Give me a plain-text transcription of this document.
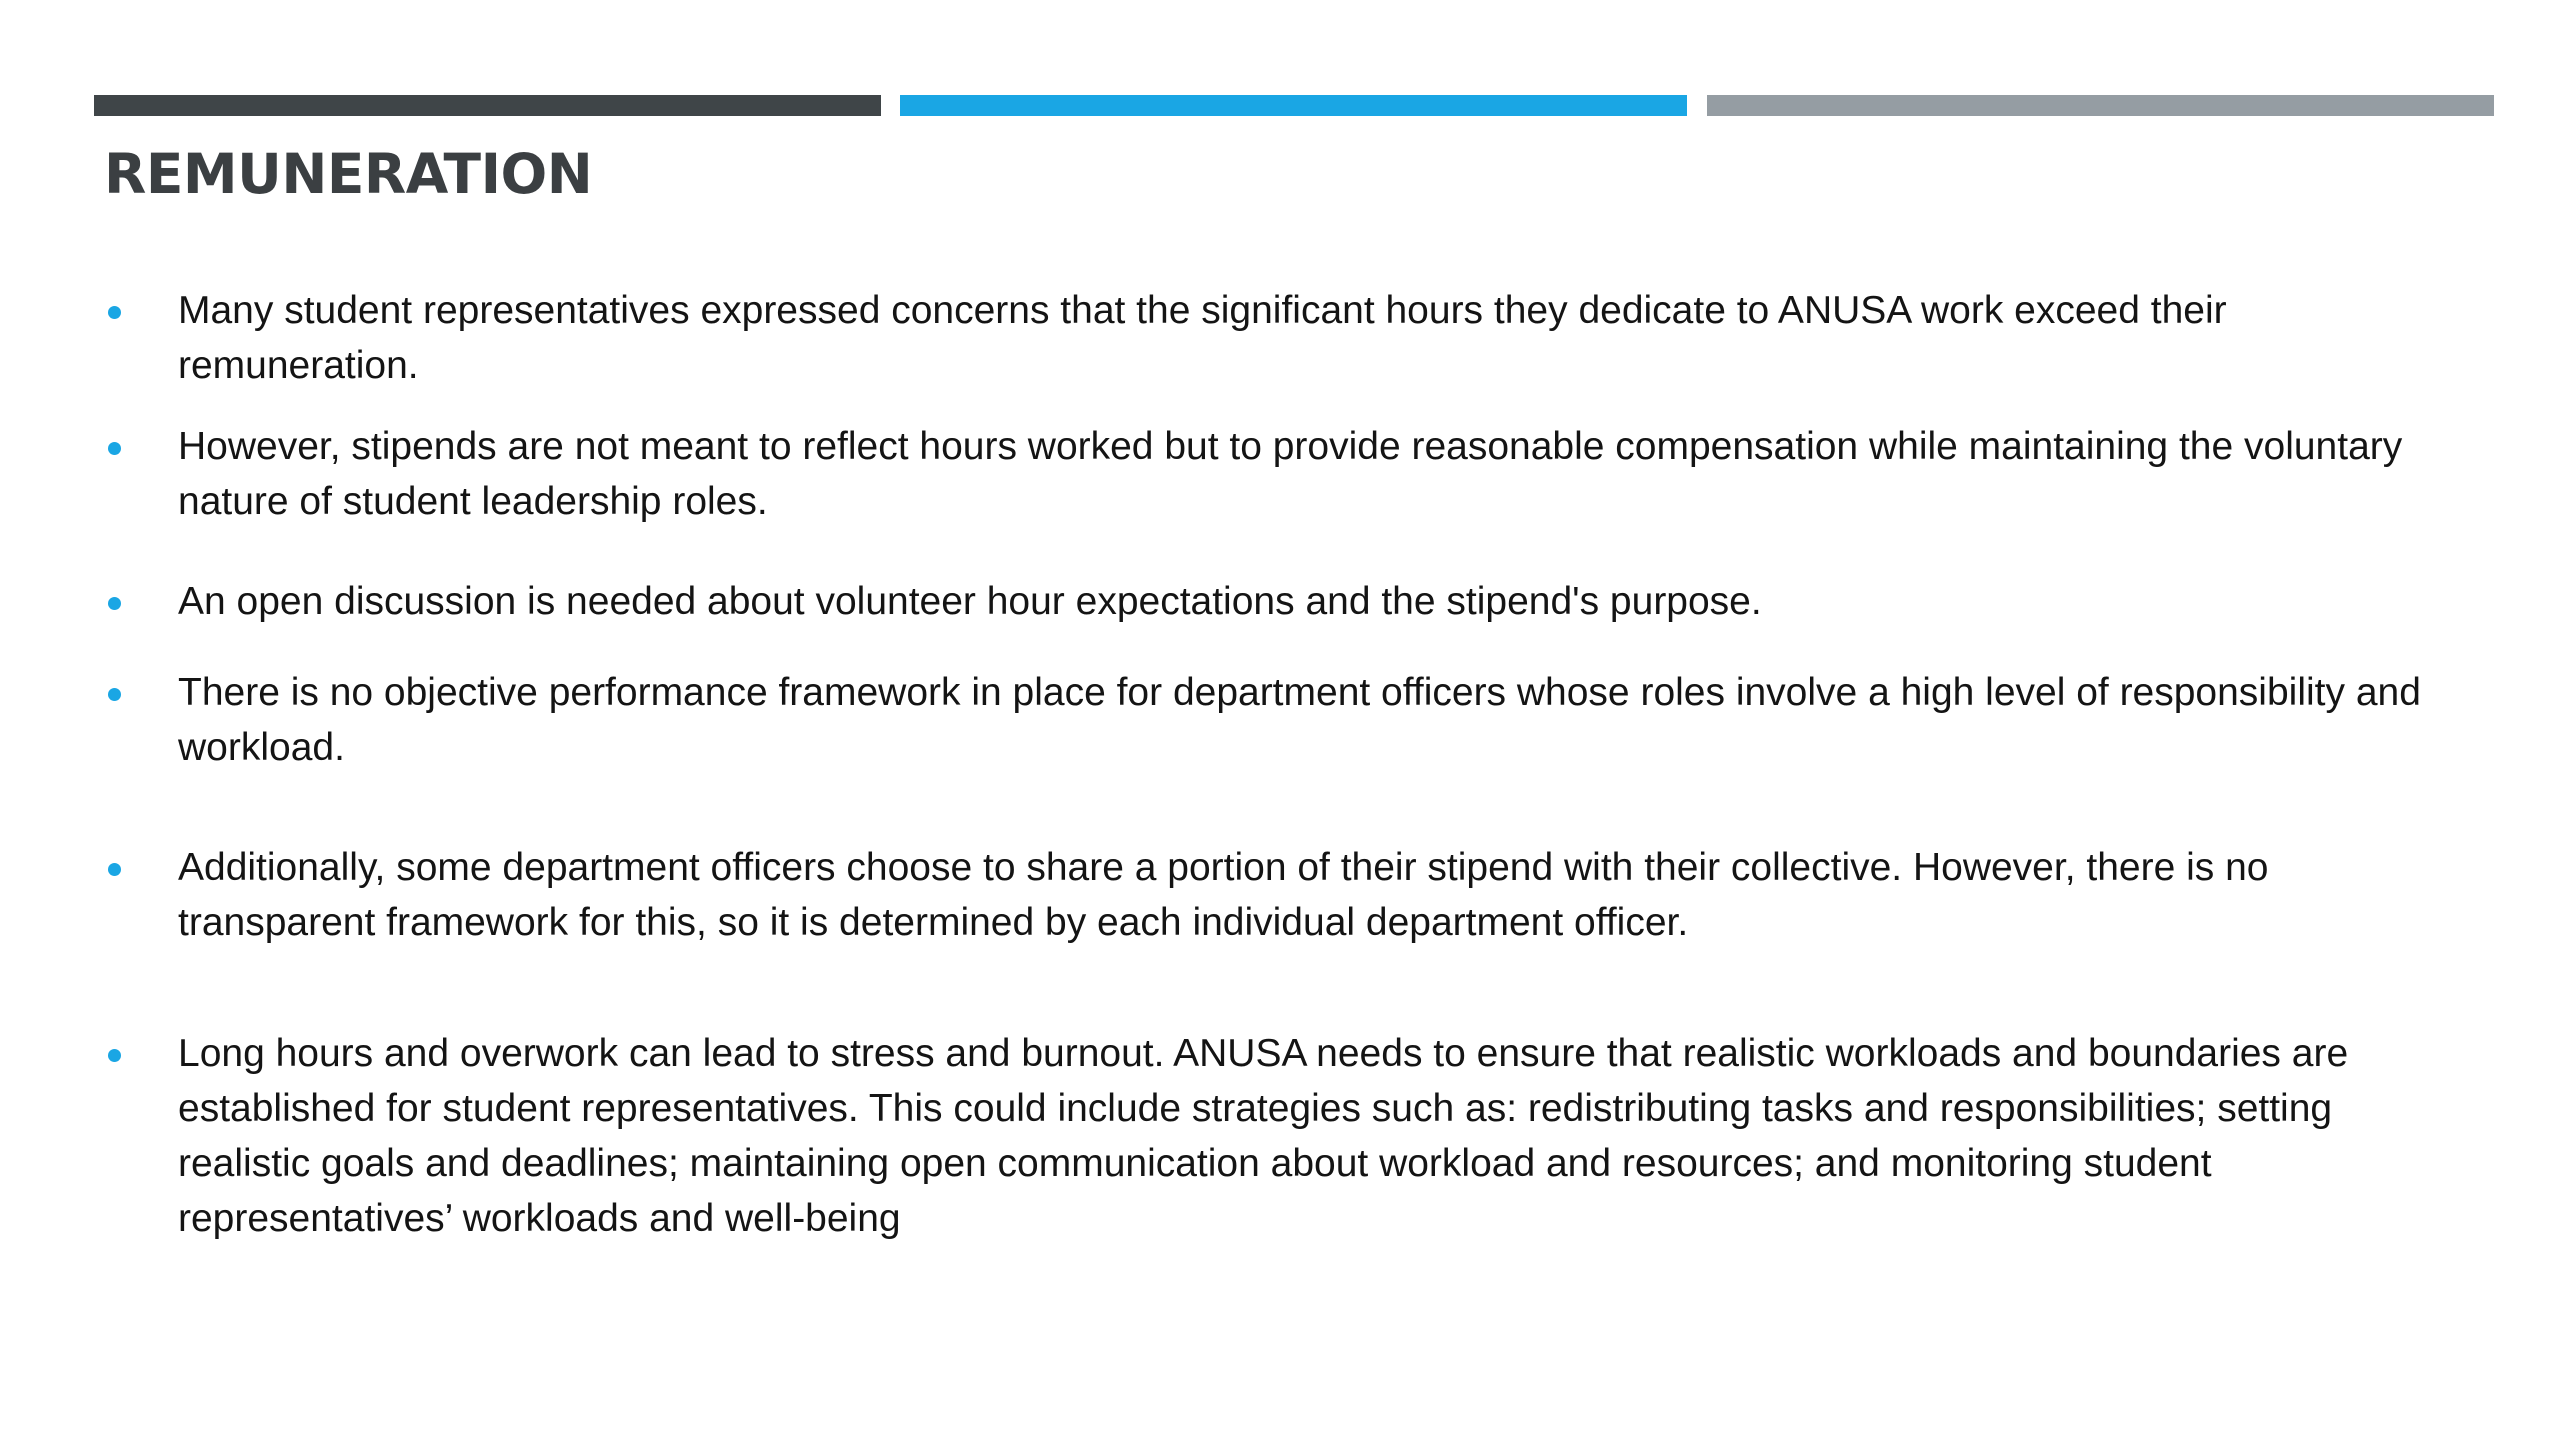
REMUNERATION
Many student representatives expressed concerns that the significant hours they dedicate to ANUSA work exceed their remuneration.
However, stipends are not meant to reflect hours worked but to provide reasonable compensation while maintaining the voluntary nature of student leadership roles.
An open discussion is needed about volunteer hour expectations and the stipend's purpose.
There is no objective performance framework in place for department officers whose roles involve a high level of responsibility and workload.
Additionally, some department officers choose to share a portion of their stipend with their collective. However, there is no transparent framework for this, so it is determined by each individual department officer.
Long hours and overwork can lead to stress and burnout. ANUSA needs to ensure that realistic workloads and boundaries are established for student representatives. This could include strategies such as: redistributing tasks and responsibilities; setting realistic goals and deadlines; maintaining open communication about workload and resources; and monitoring student representatives’ workloads and well-being
